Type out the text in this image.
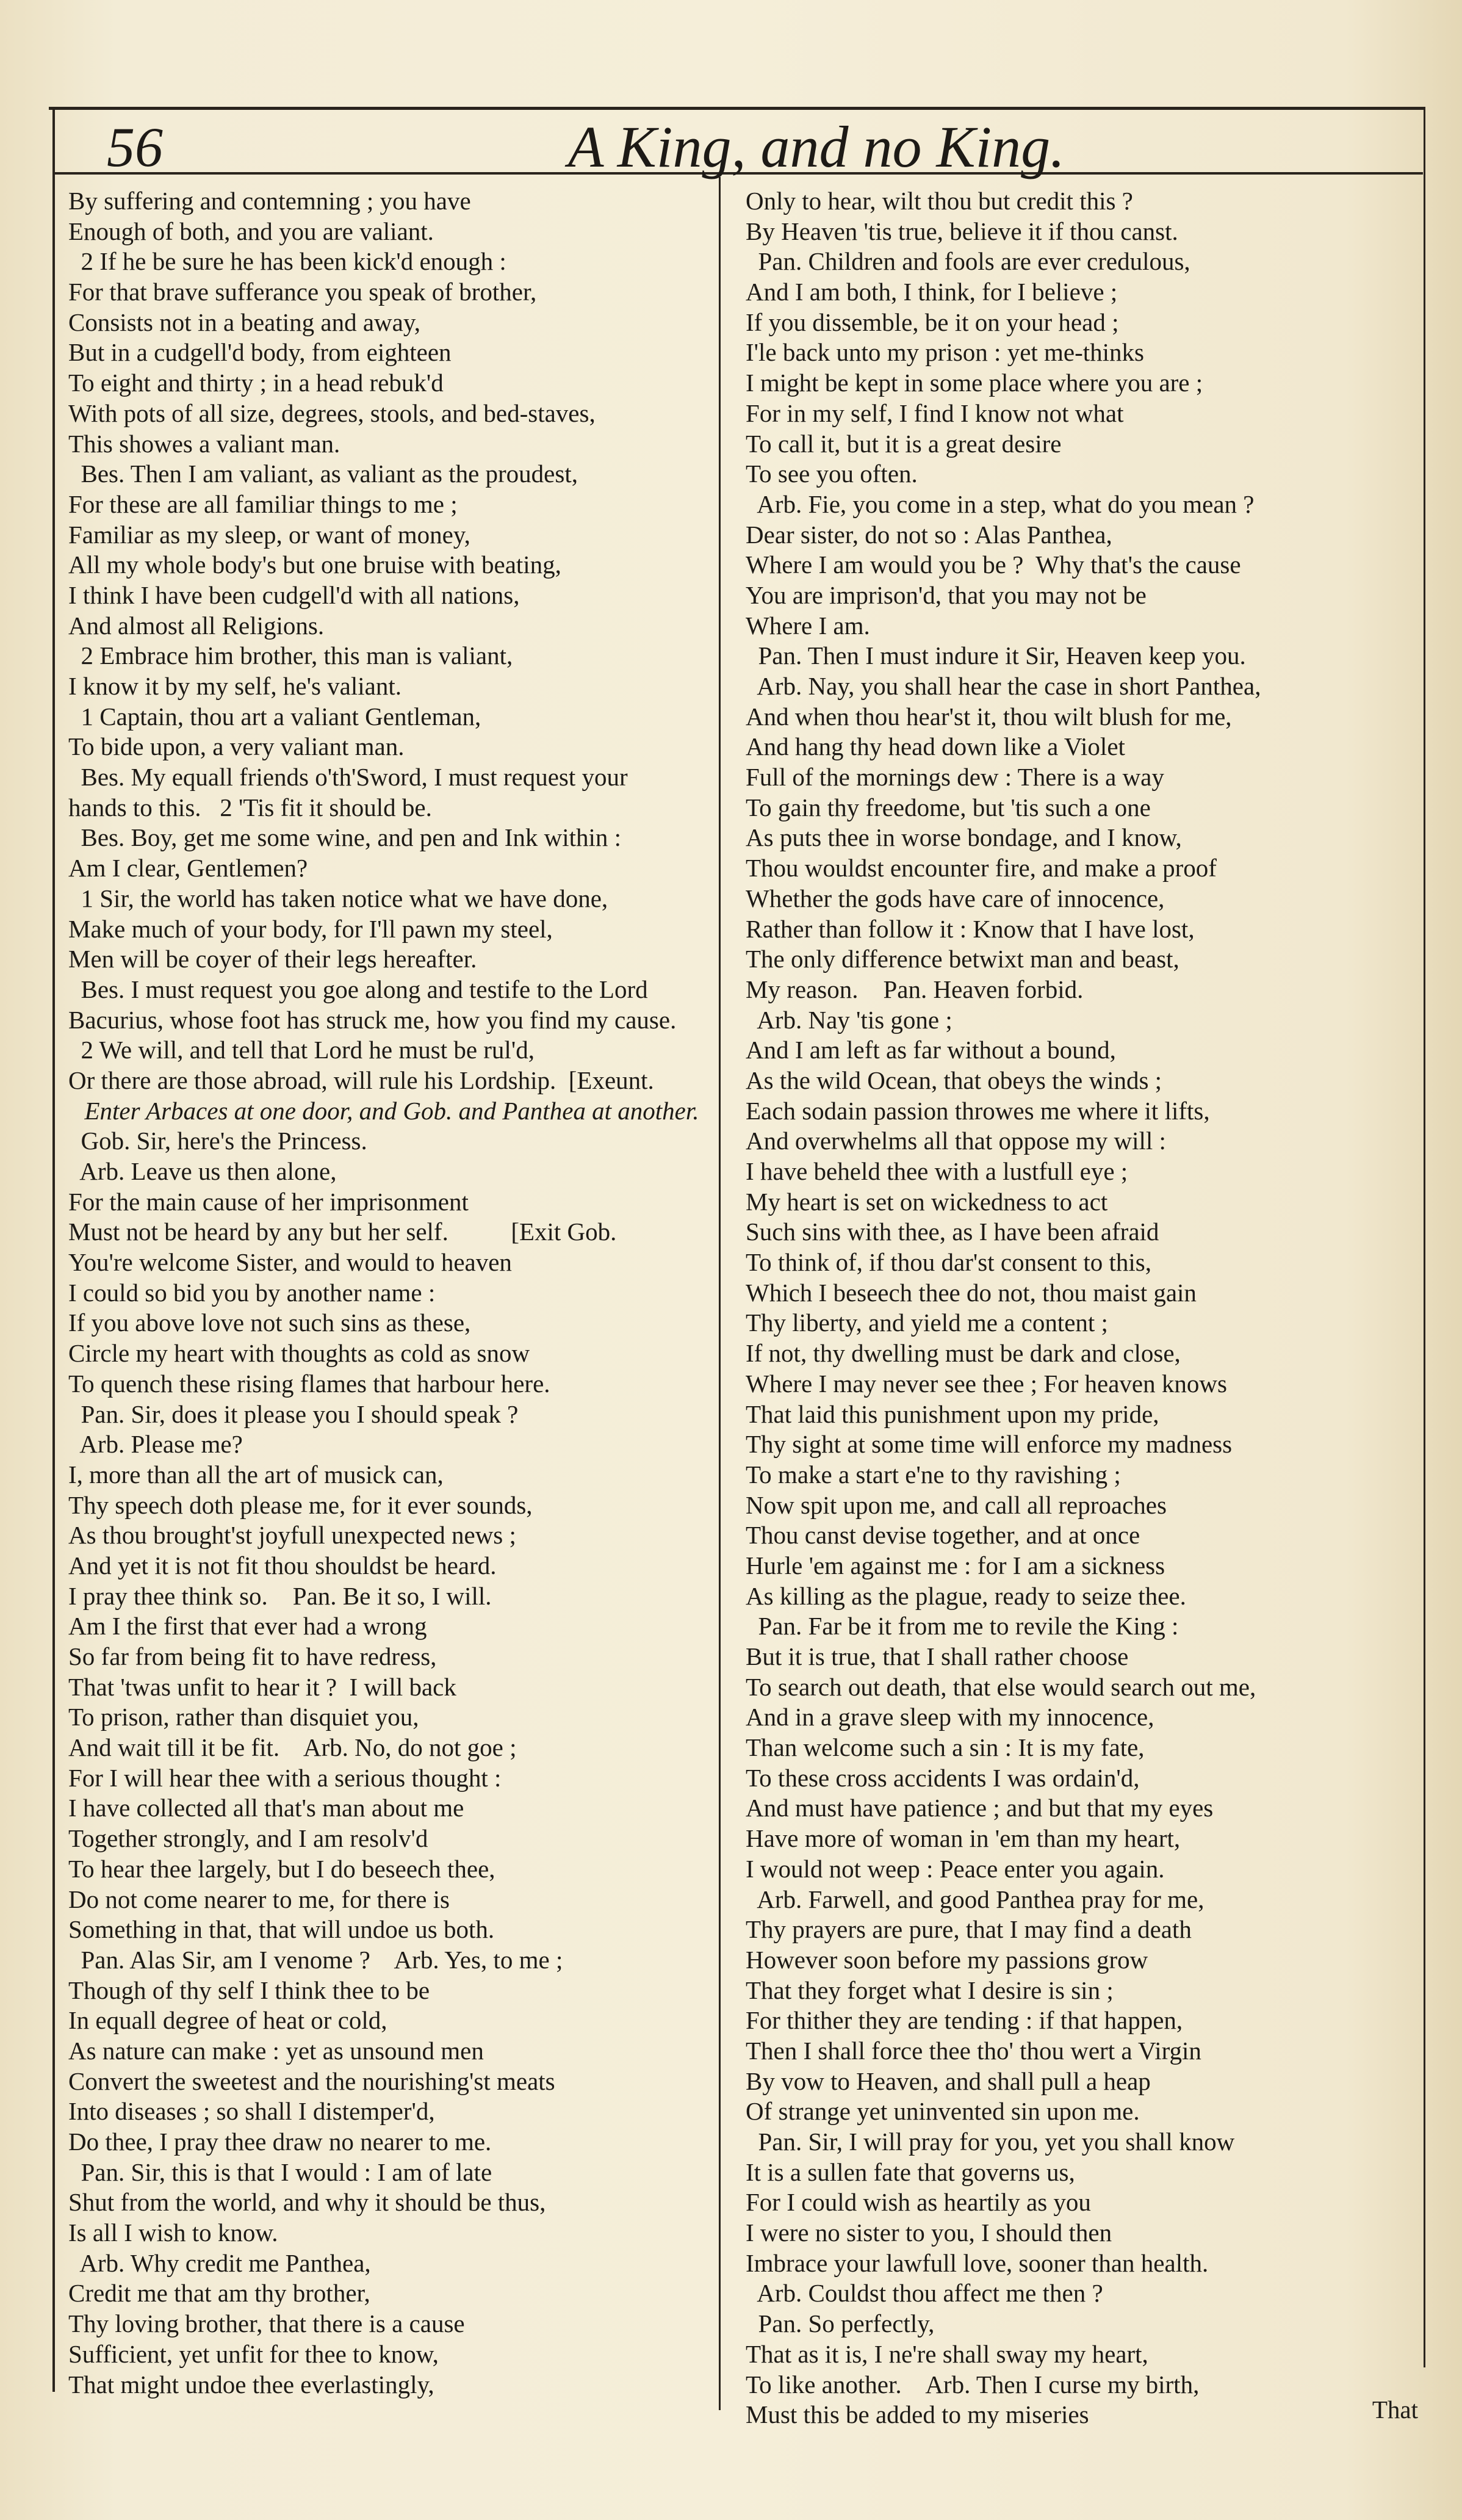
56	A King, and no King.
By suffering and contemning ; you have
Enough of both, and you are valiant.
2 If he be sure he has been kick'd enough :
For that brave sufferance you speak of brother,
Consists not in a beating and away,
But in a cudgell'd body, from eighteen
To eight and thirty ; in a head rebuk'd
With pots of all size, degrees, stools, and bed-staves,
This showes a valiant man.
Bes. Then I am valiant, as valiant as the proudest,
For these are all familiar things to me ;
Familiar as my sleep, or want of money,
All my whole body's but one bruise with beating,
I think I have been cudgell'd with all nations,
And almost all Religions.
2 Embrace him brother, this man is valiant,
I know it by my self, he's valiant.
1 Captain, thou art a valiant Gentleman,
To bide upon, a very valiant man.
Bes. My equall friends o'th'Sword, I must request your
hands to this.   2 'Tis fit it should be.
Bes. Boy, get me some wine, and pen and Ink within :
Am I clear, Gentlemen?
1 Sir, the world has taken notice what we have done,
Make much of your body, for I'll pawn my steel,
Men will be coyer of their legs hereafter.
Bes. I must request you goe along and testife to the Lord
Bacurius, whose foot has struck me, how you find my cause.
2 We will, and tell that Lord he must be rul'd,
Or there are those abroad, will rule his Lordship.  [Exeunt.
Enter Arbaces at one door, and Gob. and Panthea at another.
Gob. Sir, here's the Princess.
Arb. Leave us then alone,
For the main cause of her imprisonment
Must not be heard by any but her self.          [Exit Gob.
You're welcome Sister, and would to heaven
I could so bid you by another name :
If you above love not such sins as these,
Circle my heart with thoughts as cold as snow
To quench these rising flames that harbour here.
Pan. Sir, does it please you I should speak ?
Arb. Please me?
I, more than all the art of musick can,
Thy speech doth please me, for it ever sounds,
As thou brought'st joyfull unexpected news ;
And yet it is not fit thou shouldst be heard.
I pray thee think so.    Pan. Be it so, I will.
Am I the first that ever had a wrong
So far from being fit to have redress,
That 'twas unfit to hear it ?  I will back
To prison, rather than disquiet you,
And wait till it be fit.    Arb. No, do not goe ;
For I will hear thee with a serious thought :
I have collected all that's man about me
Together strongly, and I am resolv'd
To hear thee largely, but I do beseech thee,
Do not come nearer to me, for there is
Something in that, that will undoe us both.
Pan. Alas Sir, am I venome ?    Arb. Yes, to me ;
Though of thy self I think thee to be
In equall degree of heat or cold,
As nature can make : yet as unsound men
Convert the sweetest and the nourishing'st meats
Into diseases ; so shall I distemper'd,
Do thee, I pray thee draw no nearer to me.
Pan. Sir, this is that I would : I am of late
Shut from the world, and why it should be thus,
Is all I wish to know.
Arb. Why credit me Panthea,
Credit me that am thy brother,
Thy loving brother, that there is a cause
Sufficient, yet unfit for thee to know,
That might undoe thee everlastingly,
Only to hear, wilt thou but credit this ?
By Heaven 'tis true, believe it if thou canst.
Pan. Children and fools are ever credulous,
And I am both, I think, for I believe ;
If you dissemble, be it on your head ;
I'le back unto my prison : yet me-thinks
I might be kept in some place where you are ;
For in my self, I find I know not what
To call it, but it is a great desire
To see you often.
Arb. Fie, you come in a step, what do you mean ?
Dear sister, do not so : Alas Panthea,
Where I am would you be ?  Why that's the cause
You are imprison'd, that you may not be
Where I am.
Pan. Then I must indure it Sir, Heaven keep you.
Arb. Nay, you shall hear the case in short Panthea,
And when thou hear'st it, thou wilt blush for me,
And hang thy head down like a Violet
Full of the mornings dew : There is a way
To gain thy freedome, but 'tis such a one
As puts thee in worse bondage, and I know,
Thou wouldst encounter fire, and make a proof
Whether the gods have care of innocence,
Rather than follow it : Know that I have lost,
The only difference betwixt man and beast,
My reason.    Pan. Heaven forbid.
Arb. Nay 'tis gone ;
And I am left as far without a bound,
As the wild Ocean, that obeys the winds ;
Each sodain passion throwes me where it lifts,
And overwhelms all that oppose my will :
I have beheld thee with a lustfull eye ;
My heart is set on wickedness to act
Such sins with thee, as I have been afraid
To think of, if thou dar'st consent to this,
Which I beseech thee do not, thou maist gain
Thy liberty, and yield me a content ;
If not, thy dwelling must be dark and close,
Where I may never see thee ; For heaven knows
That laid this punishment upon my pride,
Thy sight at some time will enforce my madness
To make a start e'ne to thy ravishing ;
Now spit upon me, and call all reproaches
Thou canst devise together, and at once
Hurle 'em against me : for I am a sickness
As killing as the plague, ready to seize thee.
Pan. Far be it from me to revile the King :
But it is true, that I shall rather choose
To search out death, that else would search out me,
And in a grave sleep with my innocence,
Than welcome such a sin : It is my fate,
To these cross accidents I was ordain'd,
And must have patience ; and but that my eyes
Have more of woman in 'em than my heart,
I would not weep : Peace enter you again.
Arb. Farwell, and good Panthea pray for me,
Thy prayers are pure, that I may find a death
However soon before my passions grow
That they forget what I desire is sin ;
For thither they are tending : if that happen,
Then I shall force thee tho' thou wert a Virgin
By vow to Heaven, and shall pull a heap
Of strange yet uninvented sin upon me.
Pan. Sir, I will pray for you, yet you shall know
It is a sullen fate that governs us,
For I could wish as heartily as you
I were no sister to you, I should then
Imbrace your lawfull love, sooner than health.
Arb. Couldst thou affect me then ?
Pan. So perfectly,
That as it is, I ne're shall sway my heart,
To like another.    Arb. Then I curse my birth,
Must this be added to my miseries	That
